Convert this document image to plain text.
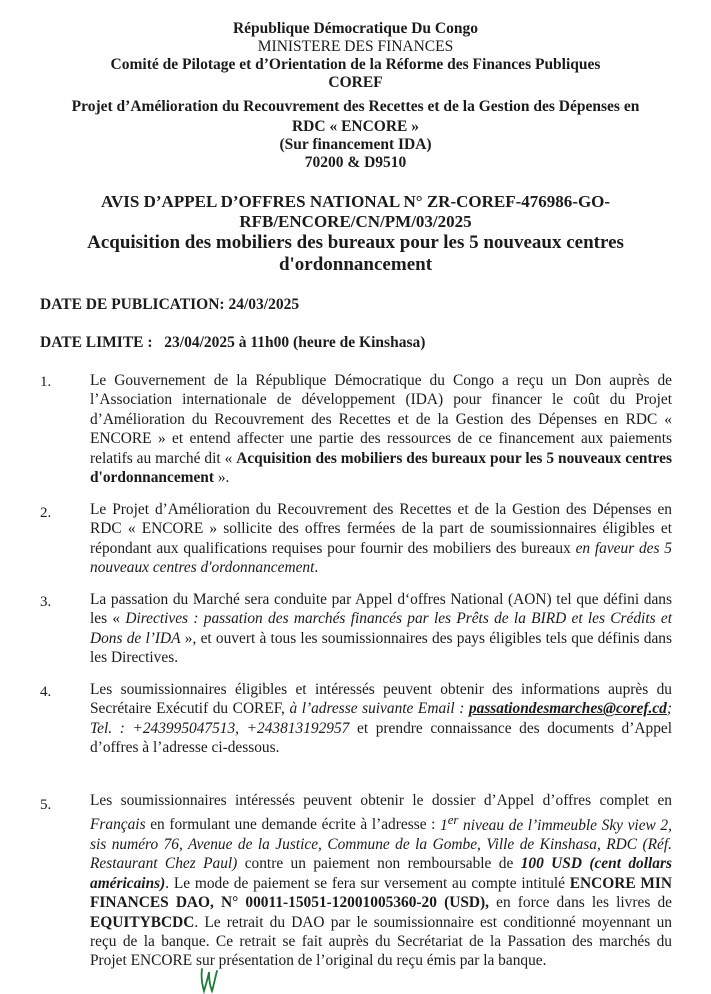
République Démocratique Du Congo
MINISTERE DES FINANCES
Comité de Pilotage et d’Orientation de la Réforme des Finances Publiques
COREF
Projet d’Amélioration du Recouvrement des Recettes et de la Gestion des Dépenses en
RDC « ENCORE »
(Sur financement IDA)
70200 & D9510
AVIS D’APPEL D’OFFRES NATIONAL N° ZR-COREF-476986-GO-
RFB/ENCORE/CN/PM/03/2025
Acquisition des mobiliers des bureaux pour les 5 nouveaux centres
d'ordonnancement
DATE DE PUBLICATION: 24/03/2025
DATE LIMITE : 23/04/2025 à 11h00 (heure de Kinshasa)
1.	Le Gouvernement de la République Démocratique du Congo a reçu un Don auprès de l’Association internationale de développement (IDA) pour financer le coût du Projet d’Amélioration du Recouvrement des Recettes et de la Gestion des Dépenses en RDC « ENCORE » et entend affecter une partie des ressources de ce financement aux paiements relatifs au marché dit « Acquisition des mobiliers des bureaux pour les 5 nouveaux centres d'ordonnancement ».
2.	Le Projet d’Amélioration du Recouvrement des Recettes et de la Gestion des Dépenses en RDC « ENCORE » sollicite des offres fermées de la part de soumissionnaires éligibles et répondant aux qualifications requises pour fournir des mobiliers des bureaux en faveur des 5 nouveaux centres d'ordonnancement.
3.	La passation du Marché sera conduite par Appel d‘offres National (AON) tel que défini dans les « Directives : passation des marchés financés par les Prêts de la BIRD et les Crédits et Dons de l’IDA », et ouvert à tous les soumissionnaires des pays éligibles tels que définis dans les Directives.
4.	Les soumissionnaires éligibles et intéressés peuvent obtenir des informations auprès du Secrétaire Exécutif du COREF, à l’adresse suivante Email : passationdesmarches@coref.cd; Tel. : +243995047513, +243813192957 et prendre connaissance des documents d’Appel d’offres à l’adresse ci-dessous.
5.	Les soumissionnaires intéressés peuvent obtenir le dossier d’Appel d’offres complet en Français en formulant une demande écrite à l’adresse : 1er niveau de l’immeuble Sky view 2, sis numéro 76, Avenue de la Justice, Commune de la Gombe, Ville de Kinshasa, RDC (Réf. Restaurant Chez Paul) contre un paiement non remboursable de 100 USD (cent dollars américains). Le mode de paiement se fera sur versement au compte intitulé ENCORE MIN FINANCES DAO, N° 00011-15051-12001005360-20 (USD), en force dans les livres de EQUITYBCDC. Le retrait du DAO par le soumissionnaire est conditionné moyennant un reçu de la banque. Ce retrait se fait auprès du Secrétariat de la Passation des marchés du Projet ENCORE sur présentation de l’original du reçu émis par la banque.
